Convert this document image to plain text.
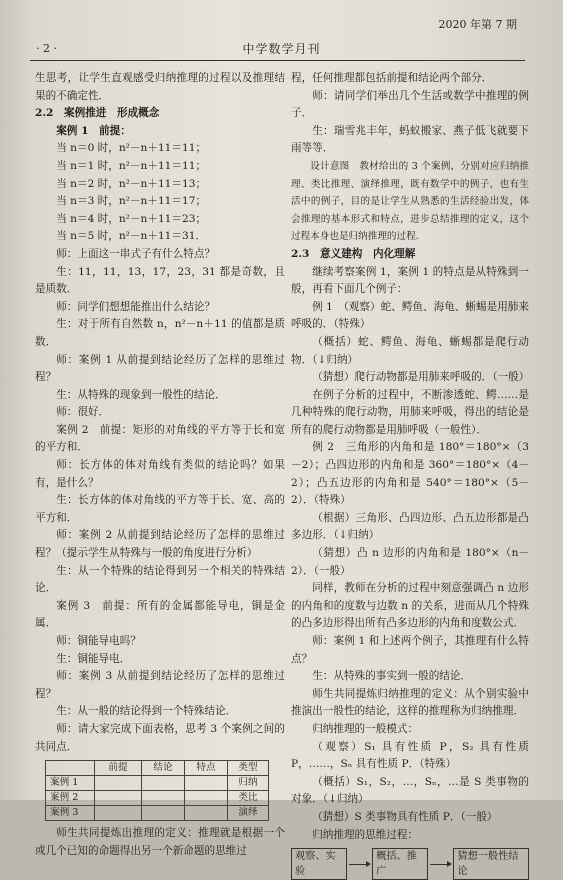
· 2 ·	中学数学月刊
2020 年第 7 期

生思考，让学生直观感受归纳推理的过程以及推理结果的不确定性．

2.2　案例推进　形成概念

案例 1　前提：

当 n＝0 时，n²－n＋11＝11；

当 n＝1 时，n²－n＋11＝11；

当 n＝2 时，n²－n＋11＝13；

当 n＝3 时，n²－n＋11＝17；

当 n＝4 时，n²－n＋11＝23；

当 n＝5 时，n²－n＋11＝31．

师：上面这一串式子有什么特点？

生：11，11，13，17，23，31 都是奇数，且是质数．

师：同学们想想能推出什么结论？

生：对于所有自然数 n，n²－n＋11 的值都是质数．

师：案例 1 从前提到结论经历了怎样的思维过程？

生：从特殊的现象到一般性的结论．

师：很好．

案例 2　前提：矩形的对角线的平方等于长和宽的平方和．

师：长方体的体对角线有类似的结论吗？如果有，是什么？

生：长方体的体对角线的平方等于长、宽、高的平方和．

师：案例 2 从前提到结论经历了怎样的思维过程？（提示学生从特殊与一般的角度进行分析）

生：从一个特殊的结论得到另一个相关的特殊结论．

案例 3　前提：所有的金属都能导电，铜是金属．

师：铜能导电吗？

生：铜能导电．

师：案例 3 从前提到结论经历了怎样的思维过程？

生：从一般的结论得到一个特殊结论．

师：请大家完成下面表格，思考 3 个案例之间的共同点．

	前提	结论	特点	类型
案例 1				归纳
案例 2				类比
案例 3				演绎

师生共同提炼出推理的定义：推理就是根据一个或几个已知的命题得出另一个新命题的思维过

程，任何推理都包括前提和结论两个部分．

师：请同学们举出几个生活或数学中推理的例子．

生：瑞雪兆丰年，蚂蚁搬家、燕子低飞就要下雨等等．

设计意图　教材给出的 3 个案例，分别对应归纳推理、类比推理、演绎推理，既有数学中的例子，也有生活中的例子，目的是让学生从熟悉的生活经验出发，体会推理的基本形式和特点，进步总结推理的定义，这个过程本身也是归纳推理的过程．

2.3　意义建构　内化理解

继续考察案例 1，案例 1 的特点是从特殊到一般，再看下面几个例子：

例 1　（观察）蛇、鳄鱼、海龟、蜥蜴是用肺来呼吸的．（特殊）

（概括）蛇、鳄鱼、海龟、蜥蜴都是爬行动物．（↓归纳）

（猜想）爬行动物都是用肺来呼吸的．（一般）

在例子分析的过程中，不断渗透蛇、鳄……是几种特殊的爬行动物，用肺来呼吸，得出的结论是所有的爬行动物都是用肺呼吸（一般性）．

例 2　三角形的内角和是 180°＝180°×（3－2）；凸四边形的内角和是 360°＝180°×（4－2）；凸五边形的内角和是 540°＝180°×（5－2）．（特殊）

（根据）三角形、凸四边形、凸五边形都是凸多边形．（↓归纳）

（猜想）凸 n 边形的内角和是 180°×（n－2）．（一般）

同样，教师在分析的过程中刻意强调凸 n 边形的内角和的度数与边数 n 的关系，进而从几个特殊的凸多边形得出所有凸多边形的内角和度数公式．

师：案例 1 和上述两个例子，其推理有什么特点？

生：从特殊的事实到一般的结论．

师生共同提炼归纳推理的定义：从个别实验中推演出一般性的结论，这样的推理称为归纳推理．

归纳推理的一般模式：

（观察）S₁ 具有性质 P，S₂ 具有性质 P，……，Sₙ 具有性质 P．（特殊）

（概括）S₁，S₂，…，Sₙ，…是 S 类事物的对象．（↓归纳）

（猜想）S 类事物具有性质 P．（一般）

归纳推理的思维过程：

观察、实验
概括、推广
猜想一般性结论
